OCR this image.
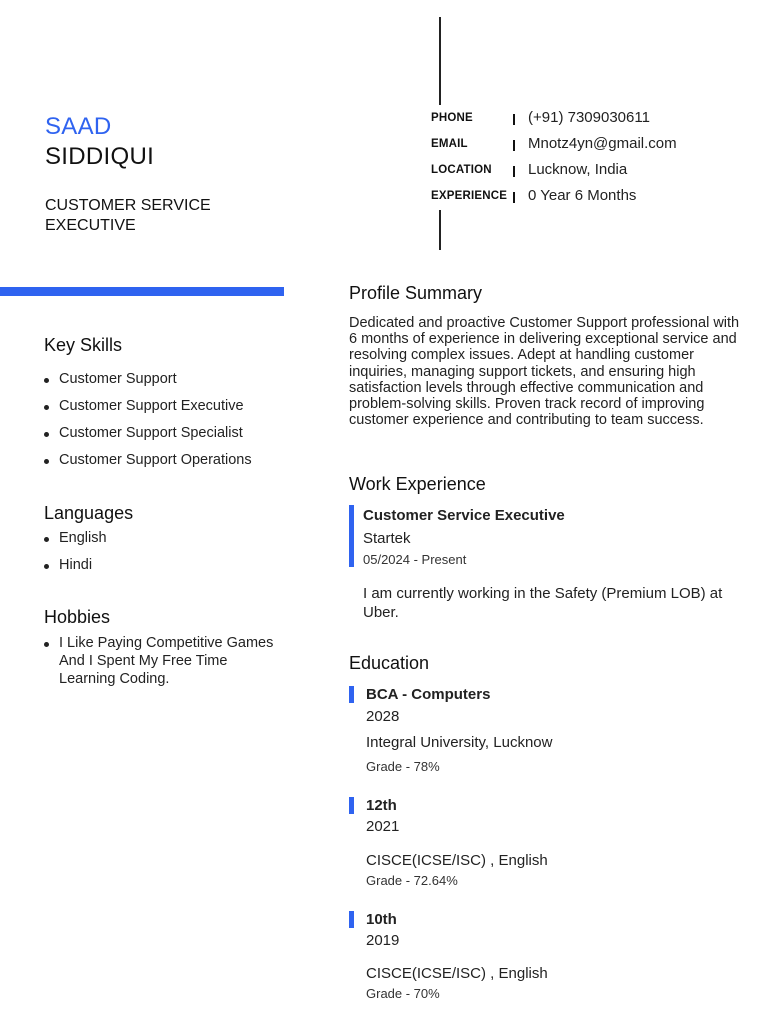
SAAD
SIDDIQUI
CUSTOMER SERVICE EXECUTIVE
PHONE	(+91) 7309030611
EMAIL	Mnotz4yn@gmail.com
LOCATION Lucknow, India
EXPERIENCE 0 Year 6 Months
Key Skills
Customer Support
Customer Support Executive
Customer Support Specialist
Customer Support Operations
Languages
English
Hindi
Hobbies
I Like Paying Competitive Games And I Spent My Free Time Learning Coding.
Profile Summary
Dedicated and proactive Customer Support professional with 6 months of experience in delivering exceptional service and resolving complex issues. Adept at handling customer inquiries, managing support tickets, and ensuring high satisfaction levels through effective communication and problem-solving skills. Proven track record of improving customer experience and contributing to team success.
Work Experience
Customer Service Executive
Startek
05/2024 - Present
I am currently working in the Safety (Premium LOB) at Uber.
Education
BCA - Computers
2028
Integral University, Lucknow
Grade - 78%
12th
2021
CISCE(ICSE/ISC) , English
Grade - 72.64%
10th
2019
CISCE(ICSE/ISC) , English
Grade - 70%
